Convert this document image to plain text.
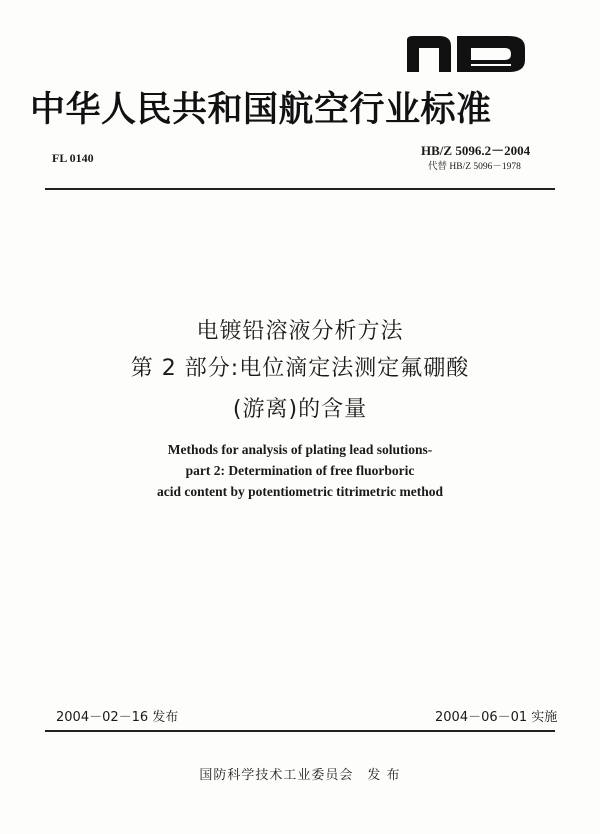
中华人民共和国航空行业标准
FL 0140	HB/Z 5096.2－2004
代替 HB/Z 5096－1978
电镀铅溶液分析方法
第 2 部分:电位滴定法测定氟硼酸
(游离)的含量
Methods for analysis of plating lead solutions-
part 2: Determination of free fluorboric
acid content by potentiometric titrimetric method
2004－02－16 发布	2004－06－01 实施
国防科学技术工业委员会　发 布
